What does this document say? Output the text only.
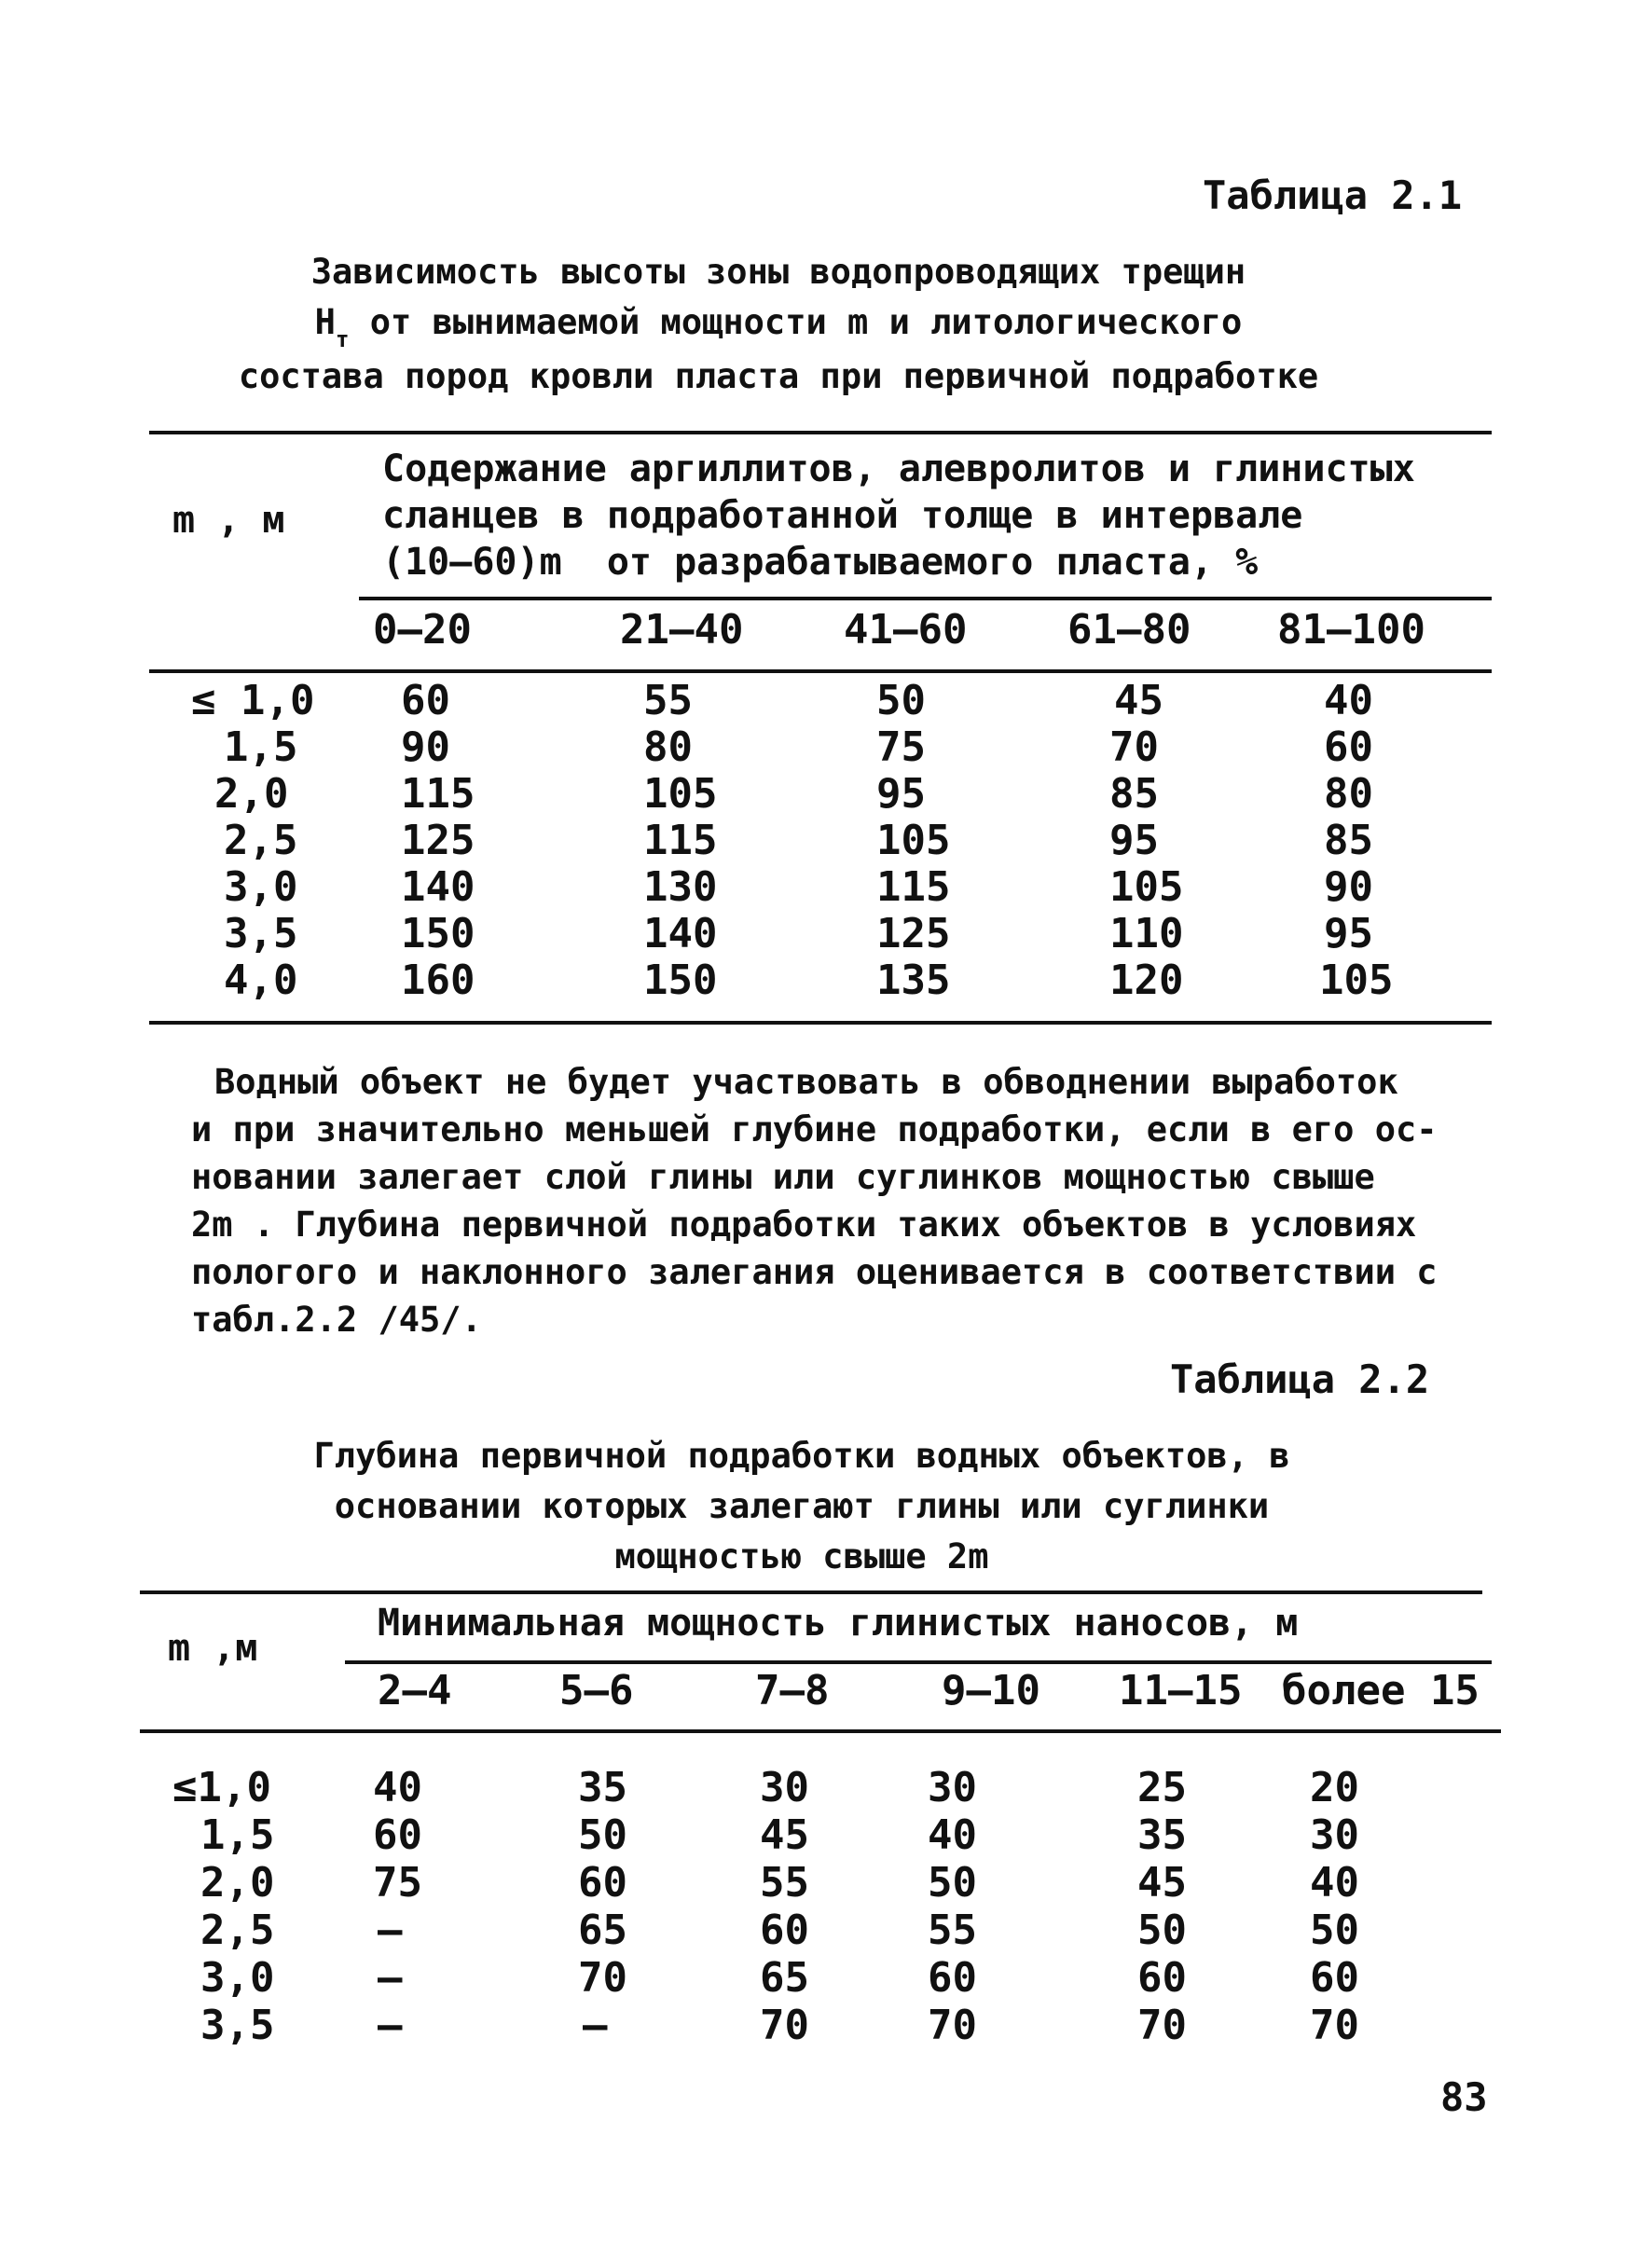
Таблица 2.1
Зависимость высоты зоны водопроводящих трещин
$H_т$ от вынимаемой мощности m и литологического
состава пород кровли пласта при первичной подработке
m , м
Содержание аргиллитов, алевролитов и глинистых
сланцев в подработанной толще в интервале
(10–60)m от разрабатываемого пласта, %
0–20	21–40 41–60 61–80 81–100
≤ 1,0 60	55	50	45	40
1,5	90	80	75	70	60
2,0	115	105	95	85	80
2,5	125	115	105	95	85
3,0	140	130	115	105	90
3,5	150	140	125	110	95
4,0	160	150	135	120	105
Водный объект не будет участвовать в обводнении выработок
и при значительно меньшей глубине подработки, если в его ос-
новании залегает слой глины или суглинков мощностью свыше
2m . Глубина первичной подработки таких объектов в условиях
пологого и наклонного залегания оценивается в соответствии с
табл.2.2 /45/.
Таблица 2.2
Глубина первичной подработки водных объектов, в
основании которых залегают глины или суглинки
мощностью свыше 2m
m ,м
Минимальная мощность глинистых наносов, м
2–4	5–6	7–8	9–10 11–15 более 15
≤1,0 40	35	30	30	25	20
1,5 60	50	45	40	35	30
2,0 75	60	55	50	45	40
2,5	–	65	60	55	50	50
3,0	–	70	65	60	60	60
3,5	–	–	70	70	70	70
83
